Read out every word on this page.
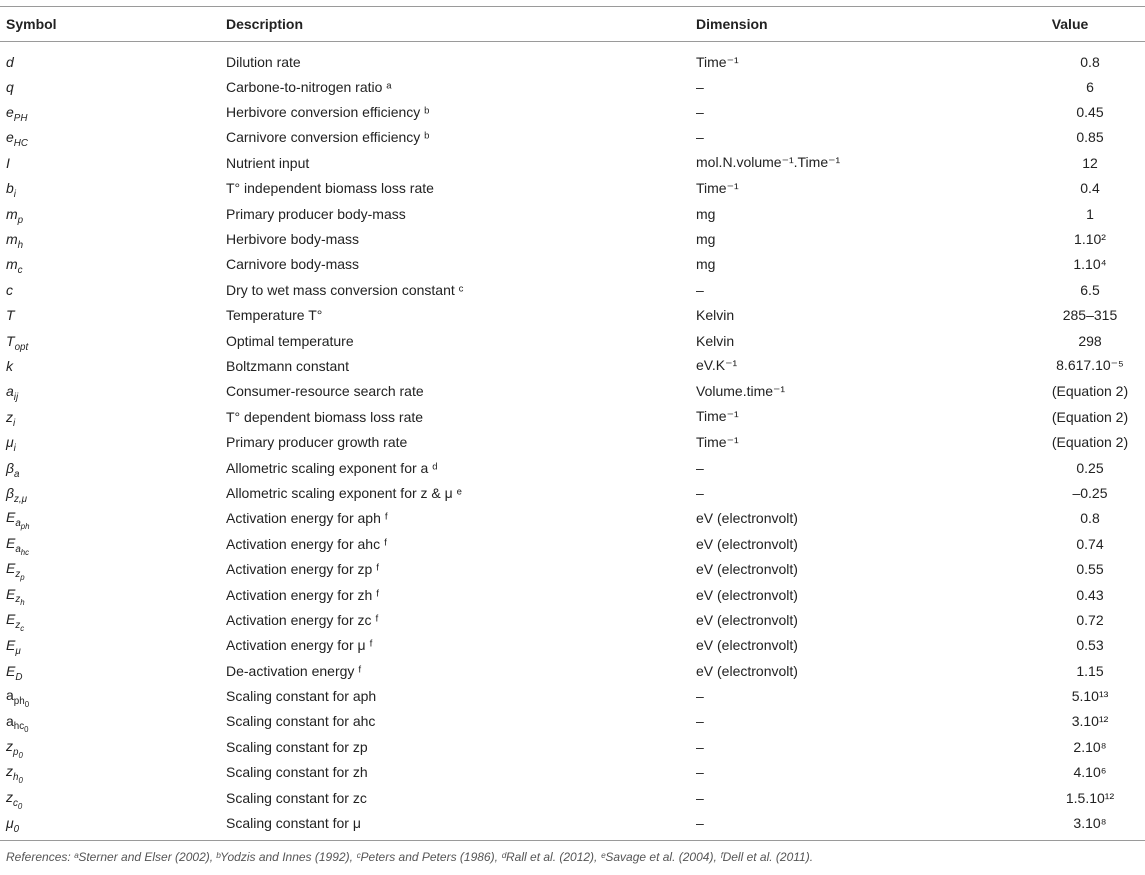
Symbol	Description	Dimension	Value
d	Dilution rate	Time⁻¹	0.8
q	Carbone-to-nitrogen ratio ᵃ	–	6
$e_{PH}$	Herbivore conversion efficiency ᵇ	–	0.45
$e_{HC}$	Carnivore conversion efficiency ᵇ	–	0.85
I	Nutrient input	mol.N.volume⁻¹.Time⁻¹	12
$b_i$	T° independent biomass loss rate	Time⁻¹	0.4
$m_p$	Primary producer body-mass	mg	1
$m_h$	Herbivore body-mass	mg	1.10²
$m_c$	Carnivore body-mass	mg	1.10⁴
c	Dry to wet mass conversion constant ᶜ	–	6.5
T	Temperature T°	Kelvin	285–315
$T_{opt}$	Optimal temperature	Kelvin	298
k	Boltzmann constant	eV.K⁻¹	8.617.10⁻⁵
$a_{ij}$	Consumer-resource search rate	Volume.time⁻¹	(Equation 2)
$z_i$	T° dependent biomass loss rate	Time⁻¹	(Equation 2)
$\mu_i$	Primary producer growth rate	Time⁻¹	(Equation 2)
$\beta_a$	Allometric scaling exponent for a ᵈ	–	0.25
$\beta_{z,\mu}$	Allometric scaling exponent for z & μ ᵉ	–	–0.25
$E_{a_{ph}}$	Activation energy for aph ᶠ	eV (electronvolt)	0.8
$E_{a_{hc}}$	Activation energy for ahc ᶠ	eV (electronvolt)	0.74
$E_{z_p}$	Activation energy for zp ᶠ	eV (electronvolt)	0.55
$E_{z_h}$	Activation energy for zh ᶠ	eV (electronvolt)	0.43
$E_{z_c}$	Activation energy for zc ᶠ	eV (electronvolt)	0.72
$E_\mu$	Activation energy for μ ᶠ	eV (electronvolt)	0.53
$E_D$	De-activation energy ᶠ	eV (electronvolt)	1.15
$a_{ph_0}$	Scaling constant for aph	–	5.10¹³
$a_{hc_0}$	Scaling constant for ahc	–	3.10¹²
$z_{p_0}$	Scaling constant for zp	–	2.10⁸
$z_{h_0}$	Scaling constant for zh	–	4.10⁶
$z_{c_0}$	Scaling constant for zc	–	1.5.10¹²
$\mu_0$	Scaling constant for μ	–	3.10⁸
References: ᵃSterner and Elser (2002), ᵇYodzis and Innes (1992), ᶜPeters and Peters (1986), ᵈRall et al. (2012), ᵉSavage et al. (2004), ᶠDell et al. (2011).
